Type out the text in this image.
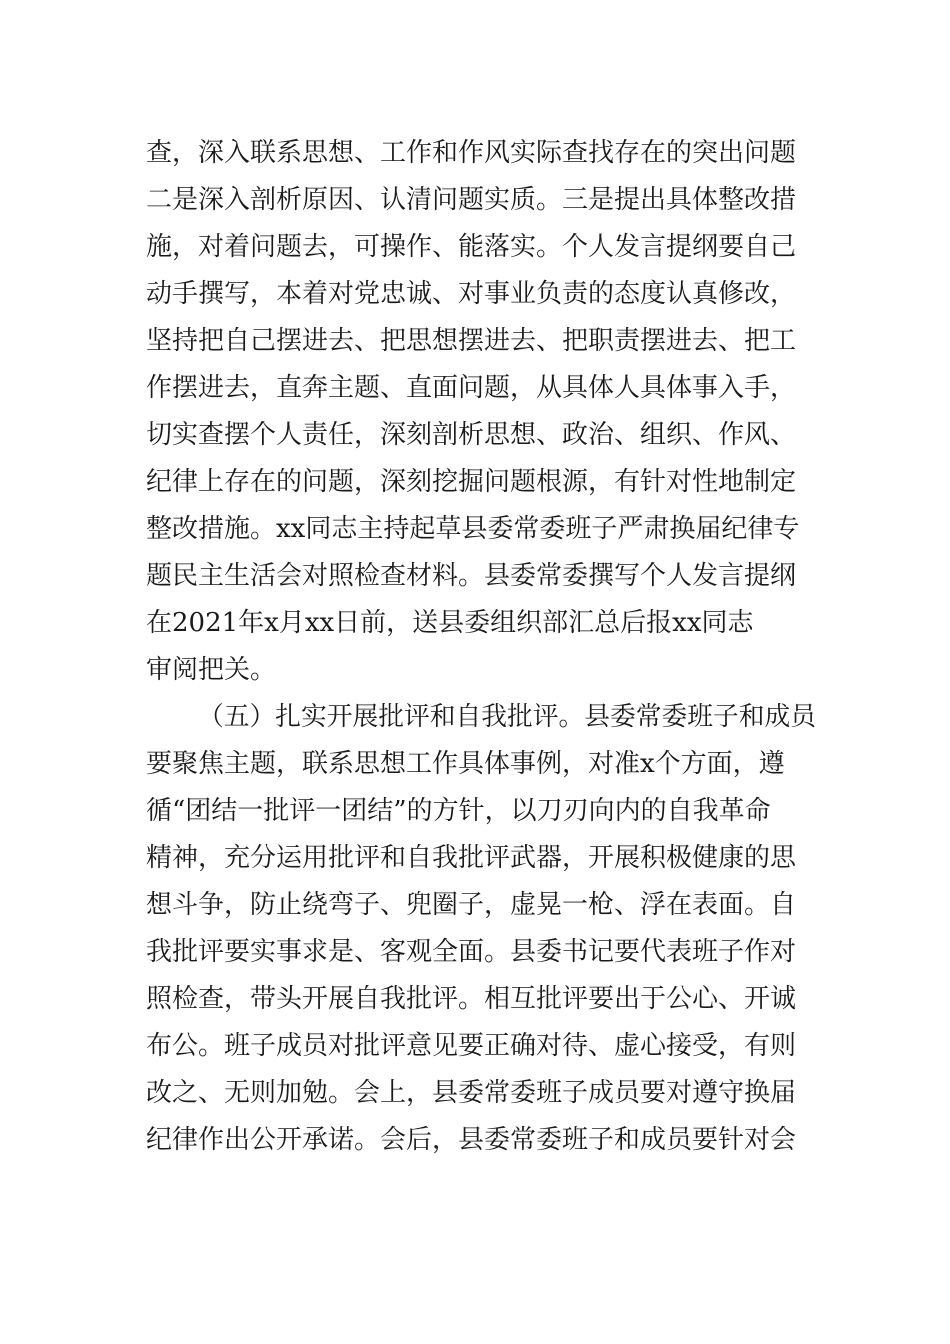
查，深入联系思想、工作和作风实际查找存在的突出问题
二是深入剖析原因、认清问题实质。三是提出具体整改措
施，对着问题去，可操作、能落实。个人发言提纲要自己
动手撰写，本着对党忠诚、对事业负责的态度认真修改，
坚持把自己摆进去、把思想摆进去、把职责摆进去、把工
作摆进去，直奔主题、直面问题，从具体人具体事入手，
切实查摆个人责任，深刻剖析思想、政治、组织、作风、
纪律上存在的问题，深刻挖掘问题根源，有针对性地制定
整改措施。xx同志主持起草县委常委班子严肃换届纪律专
题民主生活会对照检查材料。县委常委撰写个人发言提纲
在2021年x月xx日前，送县委组织部汇总后报xx同志
审阅把关。
（五）扎实开展批评和自我批评。县委常委班子和成员
要聚焦主题，联系思想工作具体事例，对准x个方面，遵
循“团结一批评一团结”的方针，以刀刃向内的自我革命
精神，充分运用批评和自我批评武器，开展积极健康的思
想斗争，防止绕弯子、兜圈子，虚晃一枪、浮在表面。自
我批评要实事求是、客观全面。县委书记要代表班子作对
照检查，带头开展自我批评。相互批评要出于公心、开诚
布公。班子成员对批评意见要正确对待、虚心接受，有则
改之、无则加勉。会上，县委常委班子成员要对遵守换届
纪律作出公开承诺。会后，县委常委班子和成员要针对会
